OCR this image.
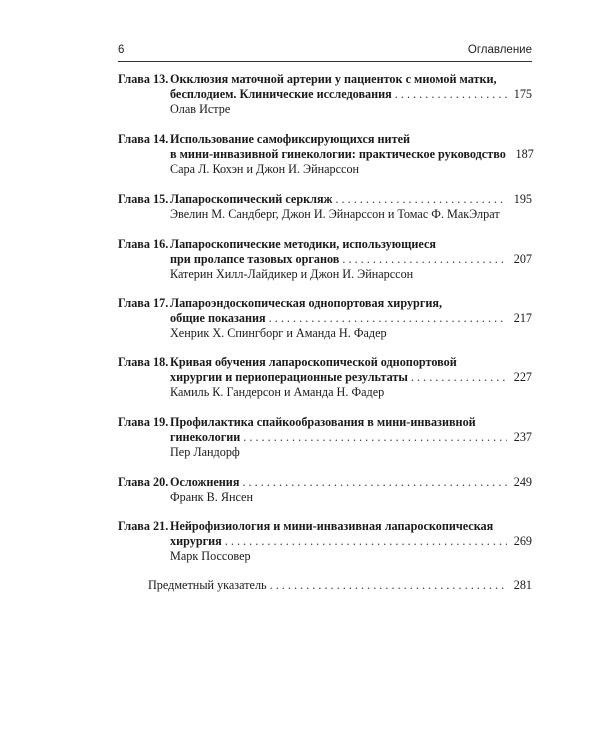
6	Оглавление
Глава 13. Окклюзия маточной артерии у пациенток с миомой матки,
бесплодием. Клинические исследования . . .	175
Олав Истре
Глава 14. Использование самофиксирующихся нитей
в мини-инвазивной гинекологии: практическое руководство 187
Сара Л. Кохэн и Джон И. Эйнарссон
Глава 15. Лапароскопический серкляж . . .	195
Эвелин М. Сандберг, Джон И. Эйнарссон и Томас Ф. МакЭлрат
Глава 16. Лапароскопические методики, использующиеся
при пролапсе тазовых органов . . .	207
Катерин Хилл-Лайдикер и Джон И. Эйнарссон
Глава 17. Лапароэндоскопическая однопортовая хирургия,
общие показания . . .	217
Хенрик Х. Спингборг и Аманда Н. Фадер
Глава 18. Кривая обучения лапароскопической однопортовой
хирургии и периоперационные результаты . . .	227
Камиль К. Гандерсон и Аманда Н. Фадер
Глава 19. Профилактика спайкообразования в мини-инвазивной
гинекологии . . .	237
Пер Ландорф
Глава 20. Осложнения . . .	249
Франк В. Янсен
Глава 21. Нейрофизиология и мини-инвазивная лапароскопическая
хирургия . . .	269
Марк Поссовер
Предметный указатель . . .	281
